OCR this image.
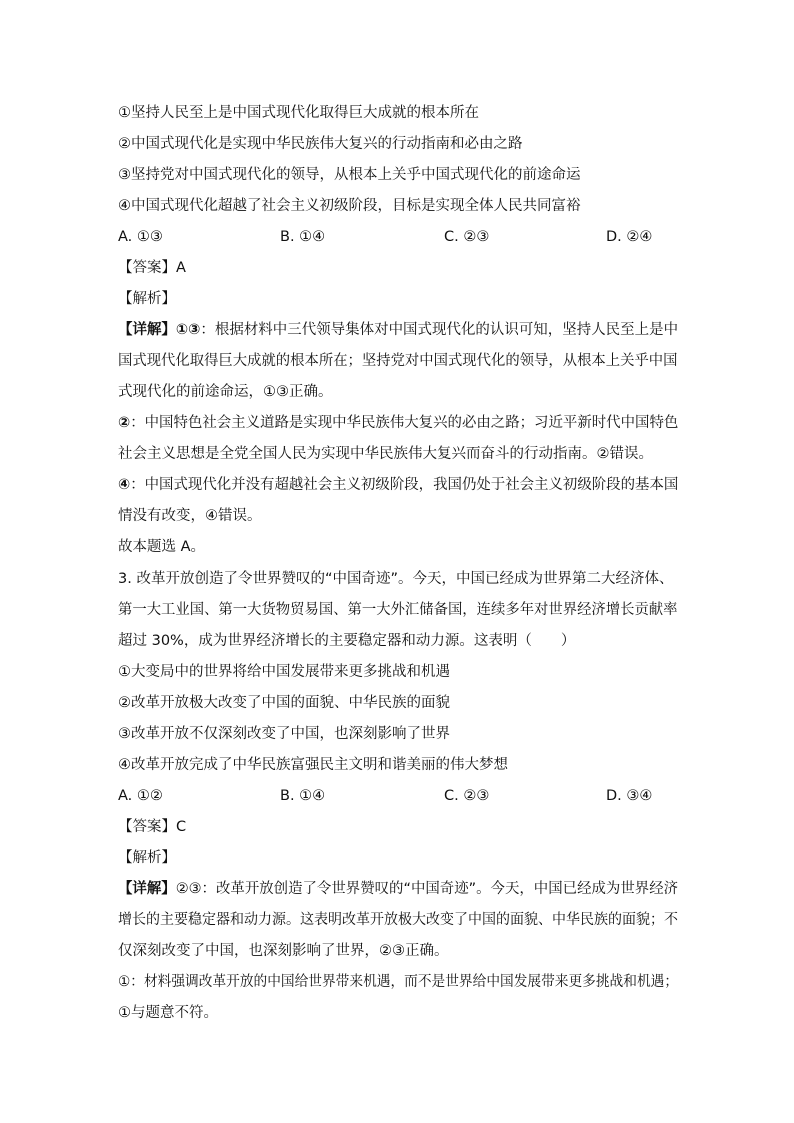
①坚持人民至上是中国式现代化取得巨大成就的根本所在
②中国式现代化是实现中华民族伟大复兴的行动指南和必由之路
③坚持党对中国式现代化的领导，从根本上关乎中国式现代化的前途命运
④中国式现代化超越了社会主义初级阶段，目标是实现全体人民共同富裕
A. ①③	B. ①④	C. ②③	D. ②④
【答案】A
【解析】
【详解】①③：根据材料中三代领导集体对中国式现代化的认识可知，坚持人民至上是中
国式现代化取得巨大成就的根本所在；坚持党对中国式现代化的领导，从根本上关乎中国
式现代化的前途命运，①③正确。
②：中国特色社会主义道路是实现中华民族伟大复兴的必由之路；习近平新时代中国特色
社会主义思想是全党全国人民为实现中华民族伟大复兴而奋斗的行动指南。②错误。
④：中国式现代化并没有超越社会主义初级阶段，我国仍处于社会主义初级阶段的基本国
情没有改变，④错误。
故本题选 A。
3. 改革开放创造了令世界赞叹的“中国奇迹”。今天，中国已经成为世界第二大经济体、
第一大工业国、第一大货物贸易国、第一大外汇储备国，连续多年对世界经济增长贡献率
超过 30%，成为世界经济增长的主要稳定器和动力源。这表明（　　）
①大变局中的世界将给中国发展带来更多挑战和机遇
②改革开放极大改变了中国的面貌、中华民族的面貌
③改革开放不仅深刻改变了中国，也深刻影响了世界
④改革开放完成了中华民族富强民主文明和谐美丽的伟大梦想
A. ①②	B. ①④	C. ②③	D. ③④
【答案】C
【解析】
【详解】②③：改革开放创造了令世界赞叹的“中国奇迹”。今天，中国已经成为世界经济
增长的主要稳定器和动力源。这表明改革开放极大改变了中国的面貌、中华民族的面貌；不
仅深刻改变了中国，也深刻影响了世界，②③正确。
①：材料强调改革开放的中国给世界带来机遇，而不是世界给中国发展带来更多挑战和机遇；
①与题意不符。
